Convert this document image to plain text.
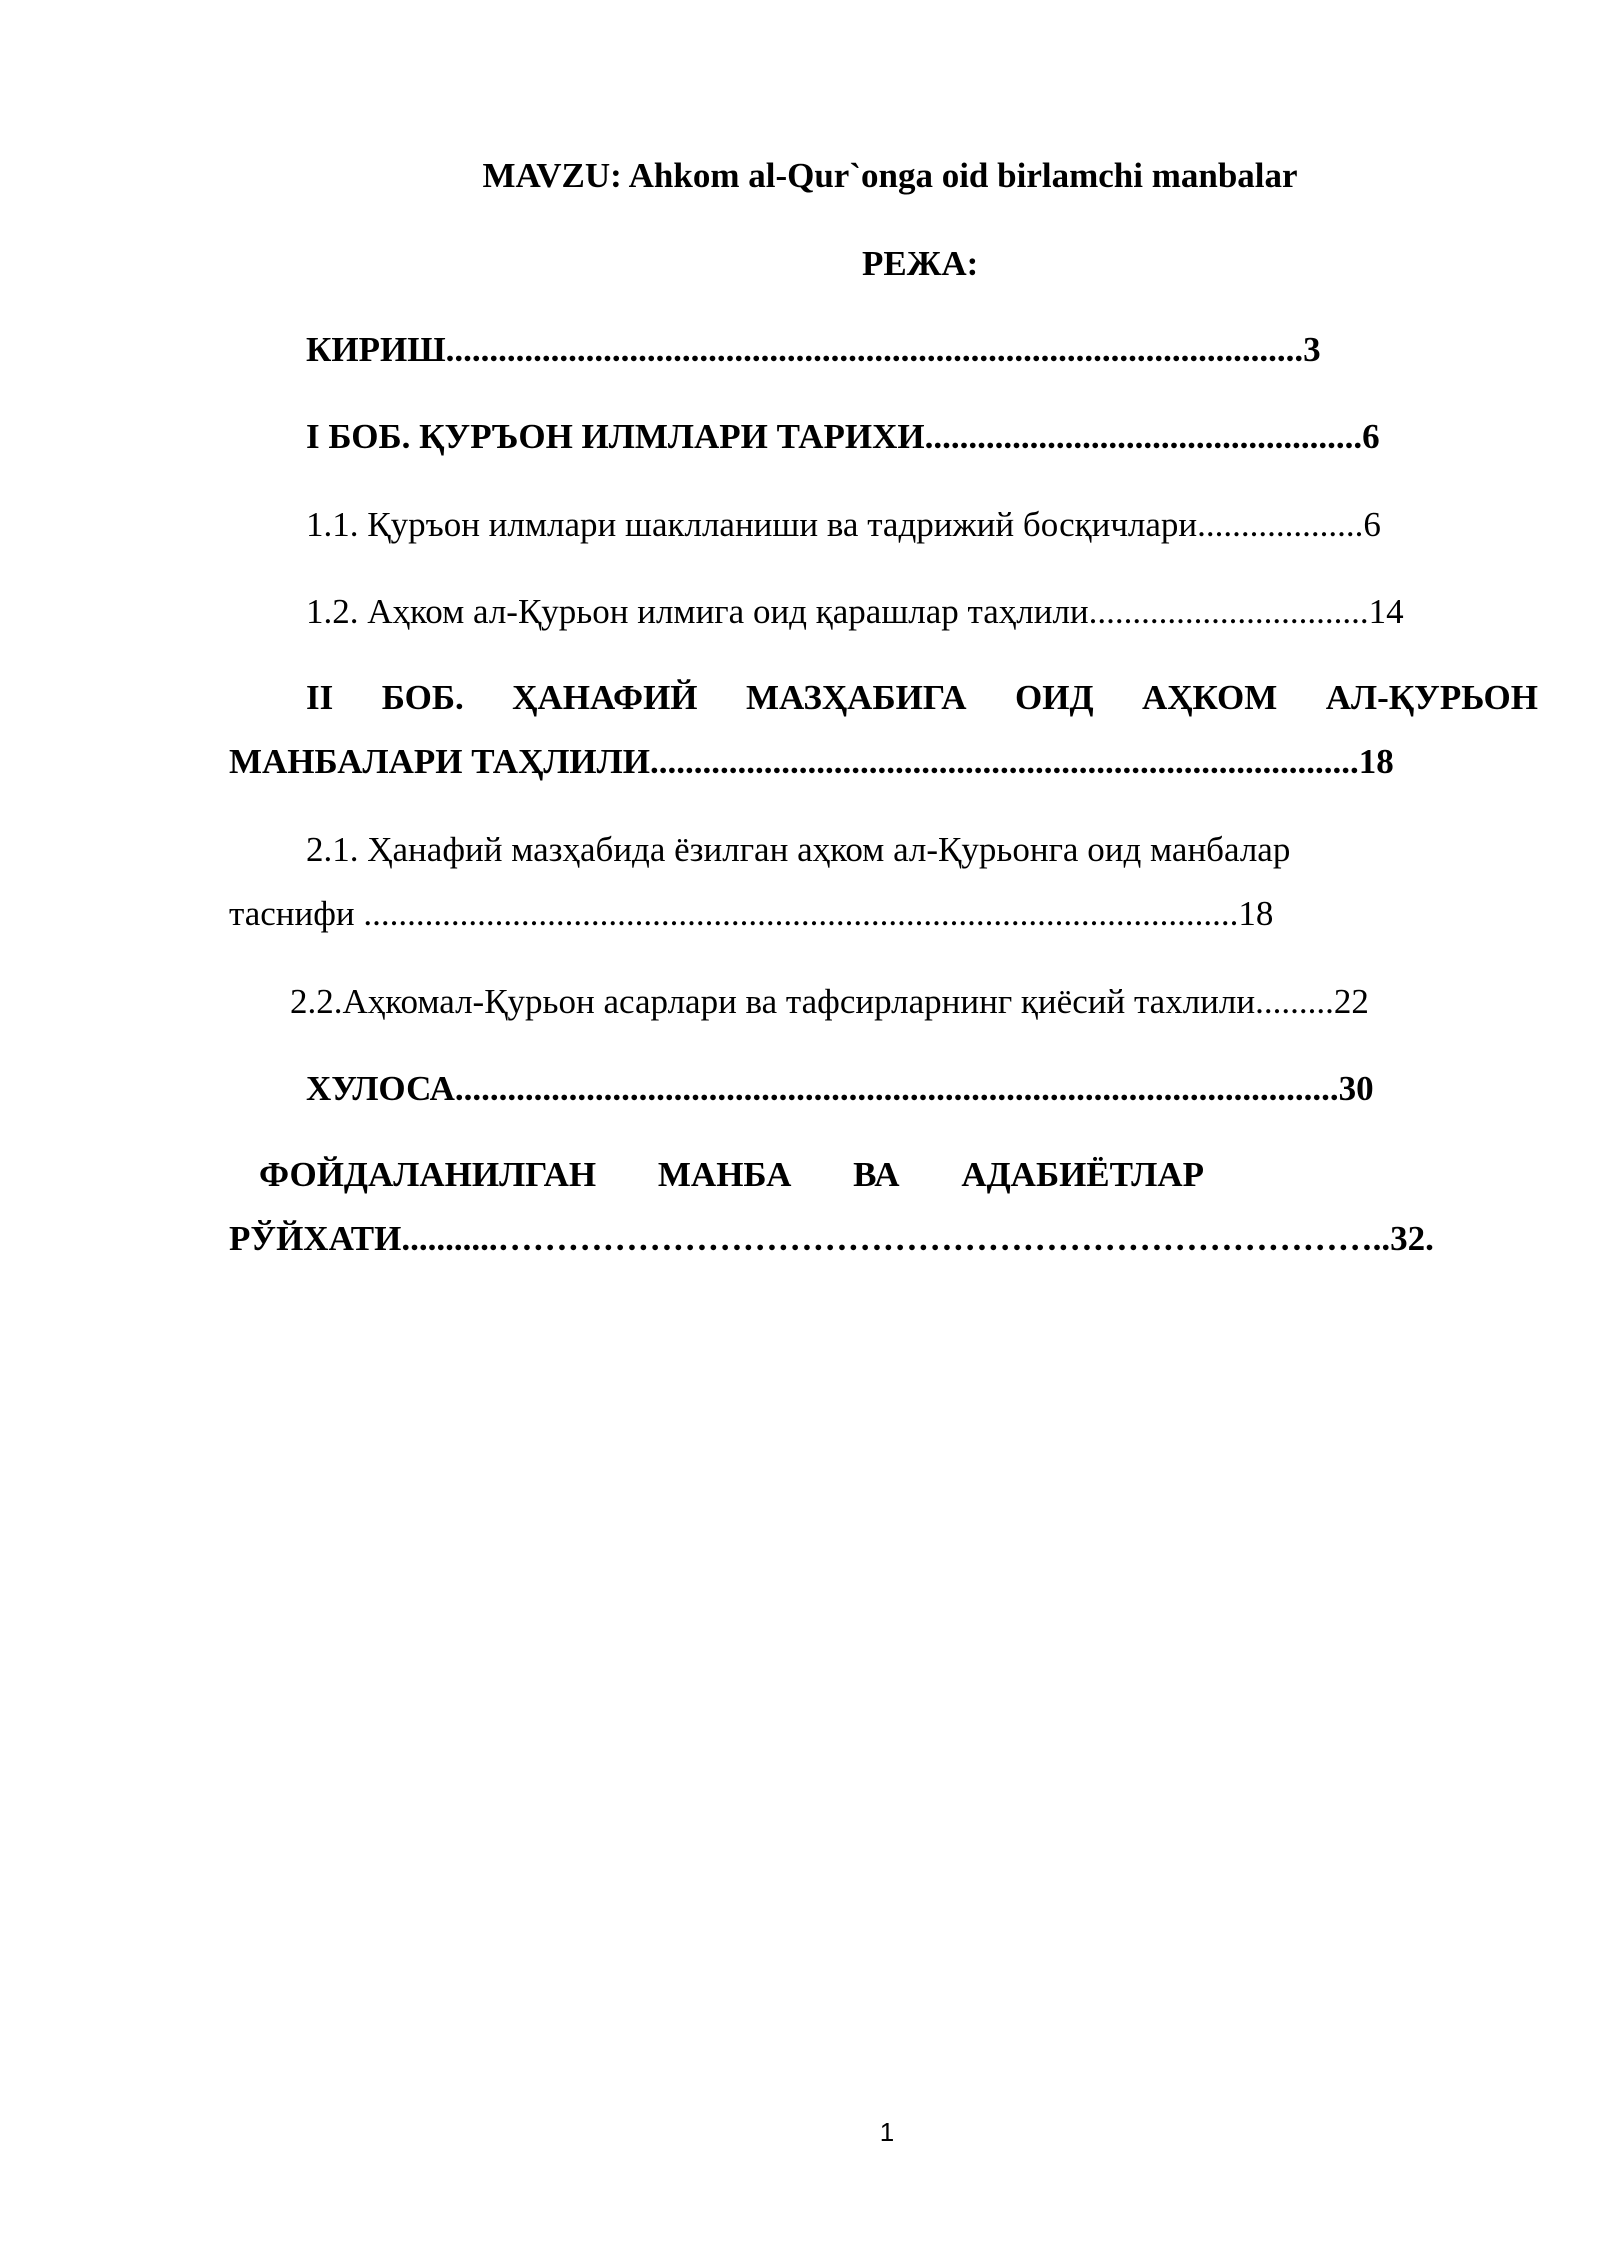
MAVZU: Ahkom al-Qur`onga oid birlamchi manbalar
РЕЖА:
КИРИШ..................................................................................................3
I БОБ. ҚУРЪОН ИЛМЛАРИ ТАРИХИ..................................................6
1.1. Қуръон илмлари шаклланиши ва тадрижий босқичлари...................6
1.2. Аҳком ал-Қурьон илмига оид қарашлар таҳлили................................14
II БОБ. ҲАНАФИЙ МАЗҲАБИГА ОИД АҲКОМ АЛ-ҚУРЬОН
МАНБАЛАРИ ТАҲЛИЛИ.................................................................................18
2.1. Ҳанафий мазҳабида ёзилган аҳком ал-Қурьонга оид манбалар
таснифи ....................................................................................................18
2.2.Аҳкомал-Қурьон асарлари ва тафсирларнинг қиёсий тахлили.........22
ХУЛОСА.....................................................................................................30
ФОЙДАЛАНИЛГАН МАНБА ВА АДАБИЁТЛАР
РЎЙХАТИ...........…………………………………………………………………..32.
1
